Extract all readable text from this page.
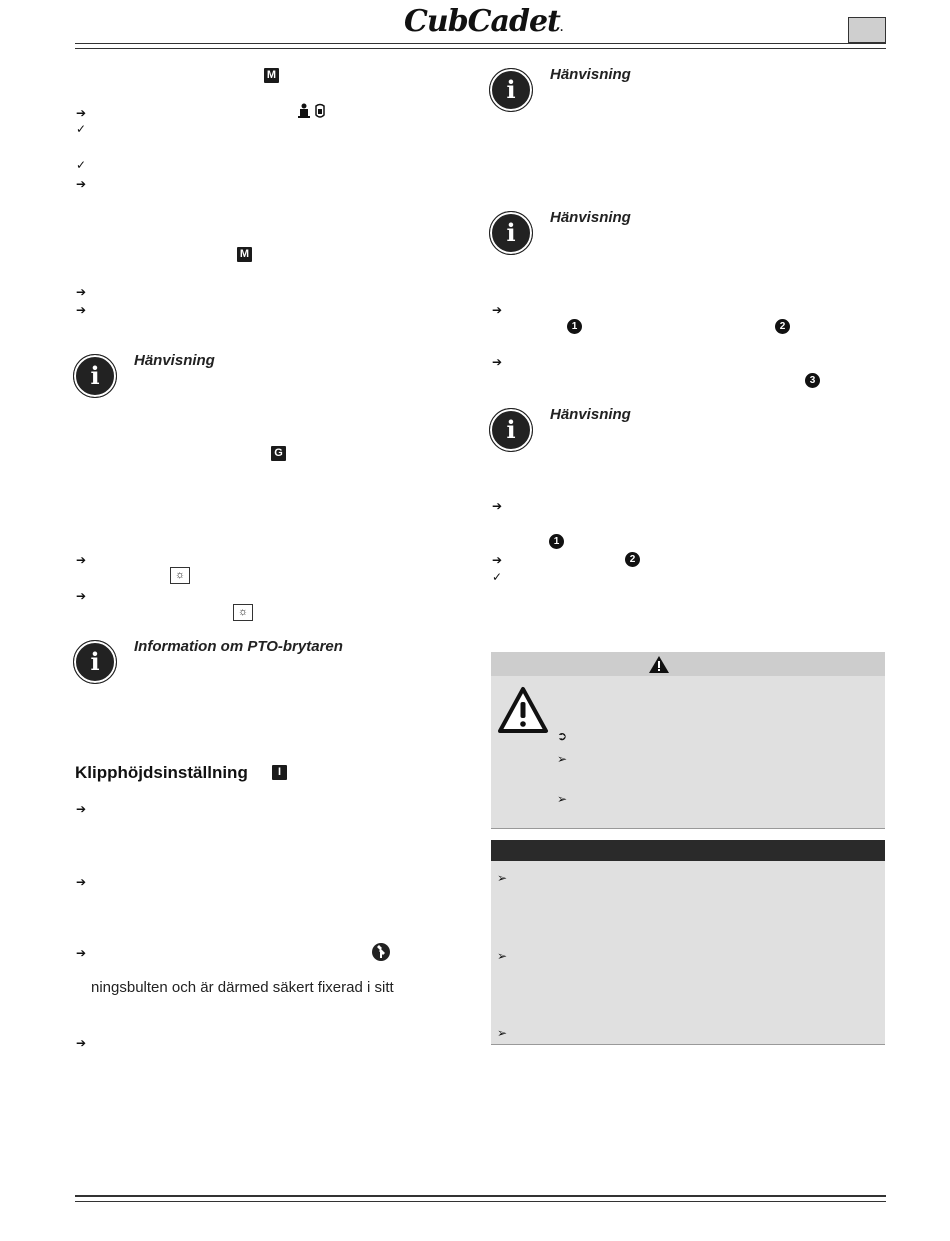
CubCadet.
M
➔
✓
✓
➔
M
➔
➔
i
Hänvisning
G
➔
☼
➔
☼
i
Information om PTO-brytaren
Klipphöjdsinställning	I
➔
➔
➔
ningsbulten och är därmed säkert fixerad i sitt
➔
i
Hänvisning
i
Hänvisning
➔
1	2
➔
3
i
Hänvisning
➔
1
➔	2
✓
➲
➢
➢
➢
➢
➢
